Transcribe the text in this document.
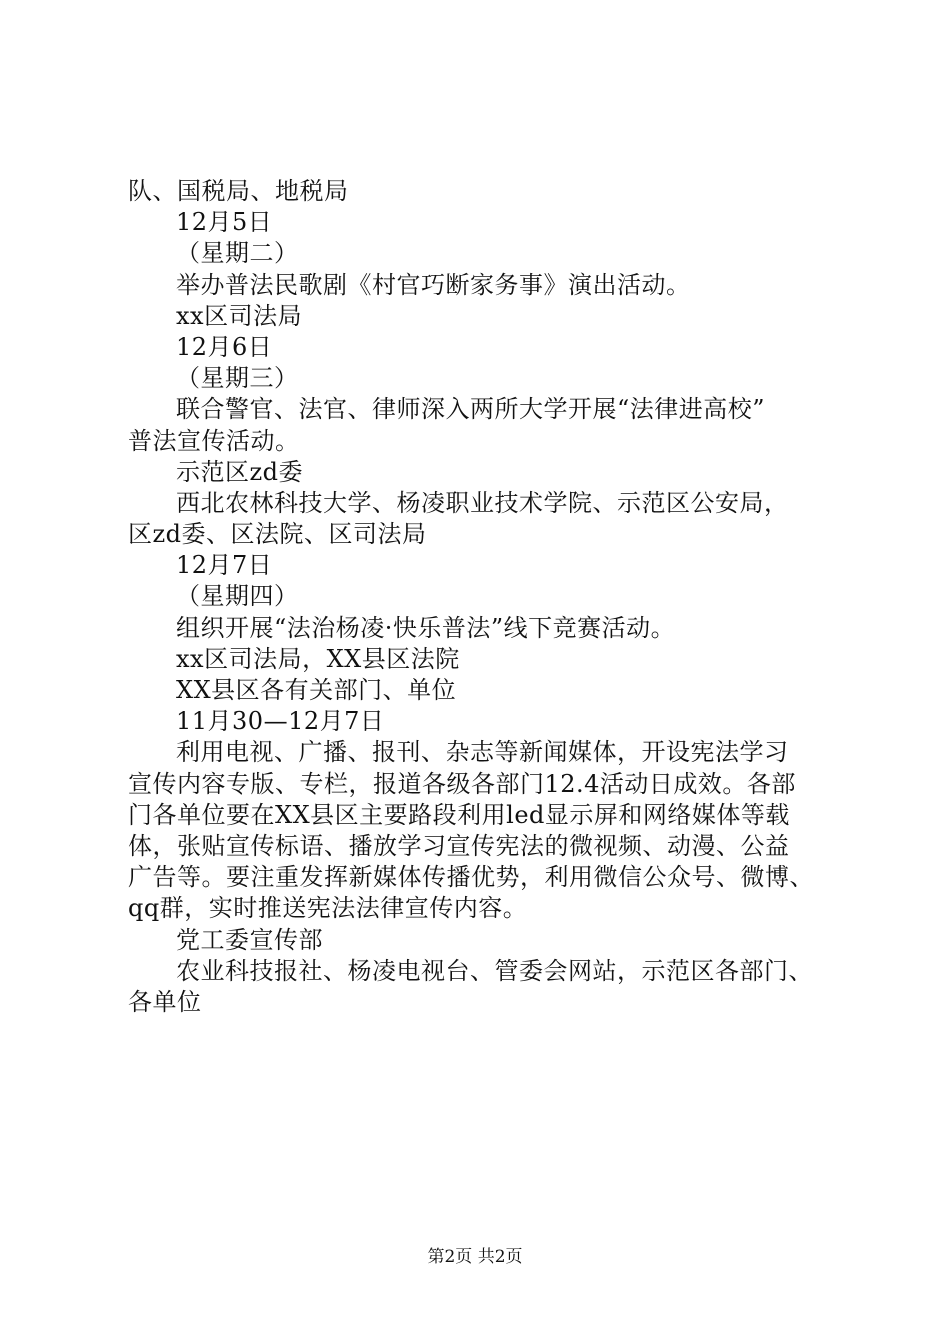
队、国税局、地税局
12月5日
（星期二）
举办普法民歌剧《村官巧断家务事》演出活动。
xx区司法局
12月6日
（星期三）
联合警官、法官、律师深入两所大学开展“法律进高校”
普法宣传活动。
示范区zd委
西北农林科技大学、杨凌职业技术学院、示范区公安局，
区zd委、区法院、区司法局
12月7日
（星期四）
组织开展“法治杨凌·快乐普法”线下竞赛活动。
xx区司法局，XX县区法院
XX县区各有关部门、单位
11月30—12月7日
利用电视、广播、报刊、杂志等新闻媒体，开设宪法学习
宣传内容专版、专栏，报道各级各部门12.4活动日成效。各部
门各单位要在XX县区主要路段利用led显示屏和网络媒体等载
体，张贴宣传标语、播放学习宣传宪法的微视频、动漫、公益
广告等。要注重发挥新媒体传播优势，利用微信公众号、微博、
qq群，实时推送宪法法律宣传内容。
党工委宣传部
农业科技报社、杨凌电视台、管委会网站，示范区各部门、
各单位
第2页 共2页
